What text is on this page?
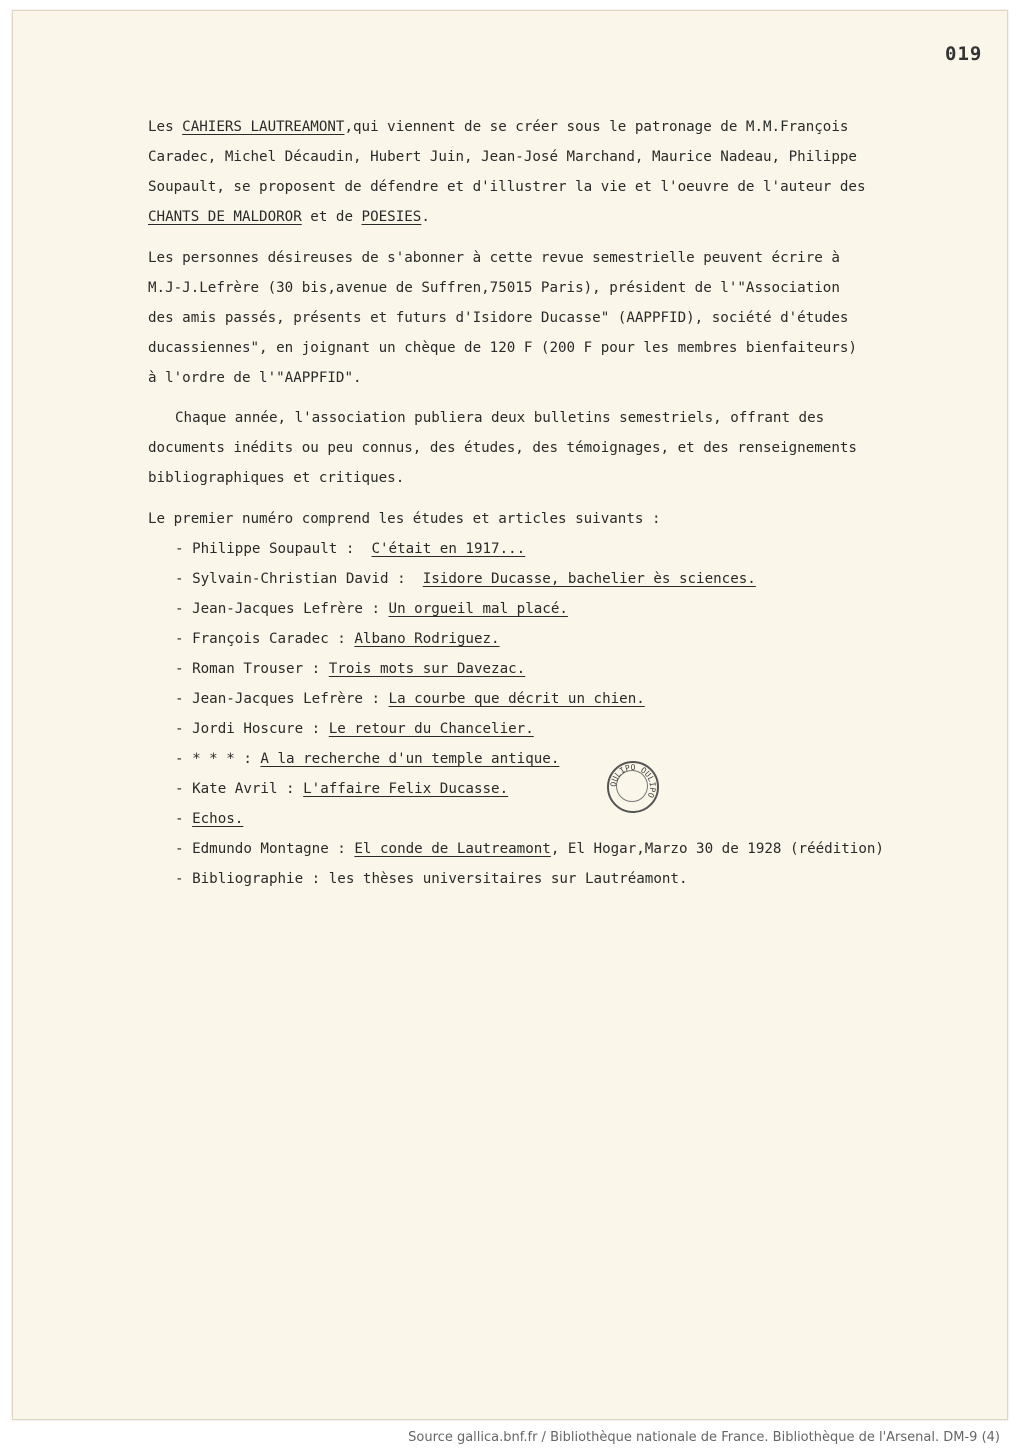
019
Les CAHIERS LAUTREAMONT,qui viennent de se créer sous le patronage de M.M.François
Caradec, Michel Décaudin, Hubert Juin, Jean-José Marchand, Maurice Nadeau, Philippe
Soupault, se proposent de défendre et d'illustrer la vie et l'oeuvre de l'auteur des
CHANTS DE MALDOROR et de POESIES.
Les personnes désireuses de s'abonner à cette revue semestrielle peuvent écrire à
M.J-J.Lefrère (30 bis,avenue de Suffren,75015 Paris), président de l'"Association
des amis passés, présents et futurs d'Isidore Ducasse" (AAPPFID), société d'études
ducassiennes", en joignant un chèque de 120 F (200 F pour les membres bienfaiteurs)
à l'ordre de l'"AAPPFID".
Chaque année, l'association publiera deux bulletins semestriels, offrant des
documents inédits ou peu connus, des études, des témoignages, et des renseignements
bibliographiques et critiques.
Le premier numéro comprend les études et articles suivants :
OULIPO OULIPO
- Philippe Soupault :  C'était en 1917...
- Sylvain-Christian David :  Isidore Ducasse, bachelier ès sciences.
- Jean-Jacques Lefrère : Un orgueil mal placé.
- François Caradec : Albano Rodriguez.
- Roman Trouser : Trois mots sur Davezac.
- Jean-Jacques Lefrère : La courbe que décrit un chien.
- Jordi Hoscure : Le retour du Chancelier.
- * * * : A la recherche d'un temple antique.
- Kate Avril : L'affaire Felix Ducasse.
- Echos.
- Edmundo Montagne : El conde de Lautreamont, El Hogar,Marzo 30 de 1928 (réédition)
- Bibliographie : les thèses universitaires sur Lautréamont.
Source gallica.bnf.fr / Bibliothèque nationale de France. Bibliothèque de l'Arsenal. DM-9 (4)
